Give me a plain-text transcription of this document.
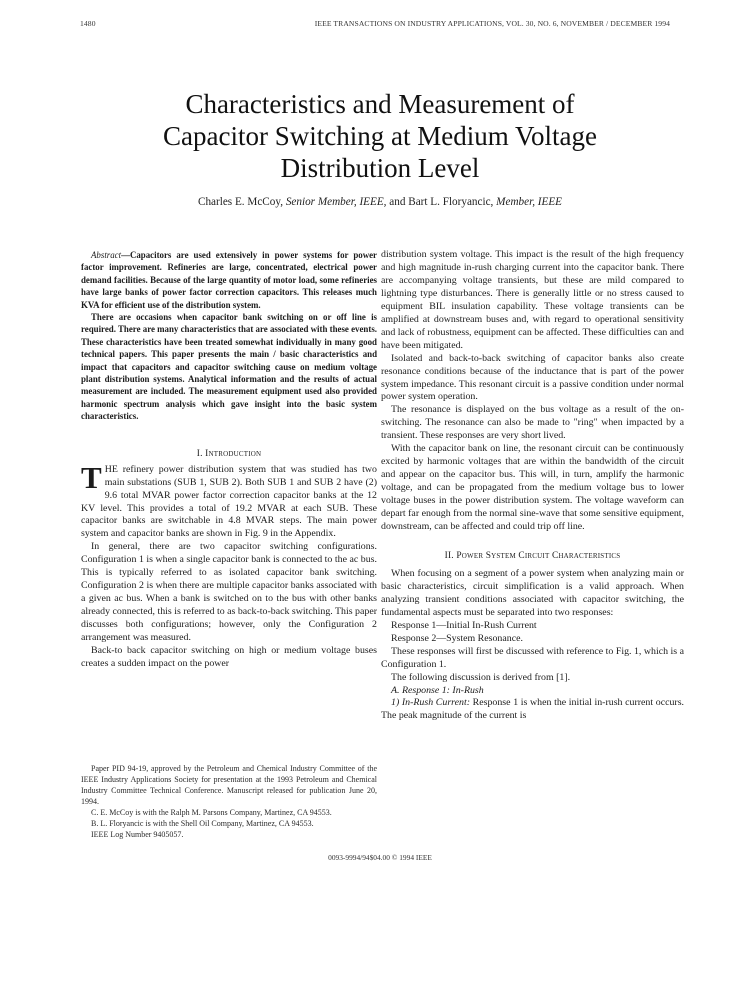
1480	IEEE TRANSACTIONS ON INDUSTRY APPLICATIONS, VOL. 30, NO. 6, NOVEMBER / DECEMBER 1994
Characteristics and Measurement of
Capacitor Switching at Medium Voltage
Distribution Level
Charles E. McCoy, Senior Member, IEEE, and Bart L. Floryancic, Member, IEEE

Abstract—Capacitors are used extensively in power systems for power factor improvement. Refineries are large, concentrated, electrical power demand facilities. Because of the large quantity of motor load, some refineries have large banks of power factor correction capacitors. This releases much KVA for efficient use of the distribution system.

There are occasions when capacitor bank switching on or off line is required. There are many characteristics that are associated with these events. These characteristics have been treated somewhat individually in many good technical papers. This paper presents the main / basic characteristics and impact that capacitors and capacitor switching cause on medium voltage plant distribution systems. Analytical information and the results of actual measurement are included. The measurement equipment used also provided harmonic spectrum analysis which gave insight into the basic system characteristics.

I. Introduction

THE refinery power distribution system that was studied has two main substations (SUB 1, SUB 2). Both SUB 1 and SUB 2 have (2) 9.6 total MVAR power factor correction capacitor banks at the 12 KV level. This provides a total of 19.2 MVAR at each SUB. These capacitor banks are switchable in 4.8 MVAR steps. The main power system and capacitor banks are shown in Fig. 9 in the Appendix.

In general, there are two capacitor switching configurations. Configuration 1 is when a single capacitor bank is connected to the ac bus. This is typically referred to as isolated capacitor bank switching. Configuration 2 is when there are multiple capacitor banks associated with a given ac bus. When a bank is switched on to the bus with other banks already connected, this is referred to as back-to-back switching. This paper discusses both configurations; however, only the Configuration 2 arrangement was measured.

Back-to back capacitor switching on high or medium voltage buses creates a sudden impact on the power

Paper PID 94-19, approved by the Petroleum and Chemical Industry Committee of the IEEE Industry Applications Society for presentation at the 1993 Petroleum and Chemical Industry Committee Technical Conference. Manuscript released for publication June 20, 1994.

C. E. McCoy is with the Ralph M. Parsons Company, Martinez, CA 94553.

B. L. Floryancic is with the Shell Oil Company, Martinez, CA 94553.

IEEE Log Number 9405057.

distribution system voltage. This impact is the result of the high frequency and high magnitude in-rush charging current into the capacitor bank. There are accompanying voltage transients, but these are mild compared to lightning type disturbances. There is generally little or no stress caused to equipment BIL insulation capability. These voltage transients can be amplified at downstream buses and, with regard to operational sensitivity and lack of robustness, equipment can be affected. These difficulties can and have been mitigated.

Isolated and back-to-back switching of capacitor banks also create resonance conditions because of the inductance that is part of the power system impedance. This resonant circuit is a passive condition under normal power system operation.

The resonance is displayed on the bus voltage as a result of the on-switching. The resonance can also be made to "ring" when impacted by a transient. These responses are very short lived.

With the capacitor bank on line, the resonant circuit can be continuously excited by harmonic voltages that are within the bandwidth of the circuit and appear on the capacitor bus. This will, in turn, amplify the harmonic voltage, and can be propagated from the medium voltage bus to lower voltage buses in the power distribution system. The voltage waveform can depart far enough from the normal sine-wave that some sensitive equipment, downstream, can be affected and could trip off line.

II. Power System Circuit Characteristics

When focusing on a segment of a power system when analyzing main or basic characteristics, circuit simplification is a valid approach. When analyzing transient conditions associated with capacitor switching, the fundamental aspects must be separated into two responses:

Response 1—Initial In-Rush Current

Response 2—System Resonance.

These responses will first be discussed with reference to Fig. 1, which is a Configuration 1.

The following discussion is derived from [1].

A. Response 1: In-Rush

1) In-Rush Current: Response 1 is when the initial in-rush current occurs. The peak magnitude of the current is

0093-9994/94$04.00 © 1994 IEEE
